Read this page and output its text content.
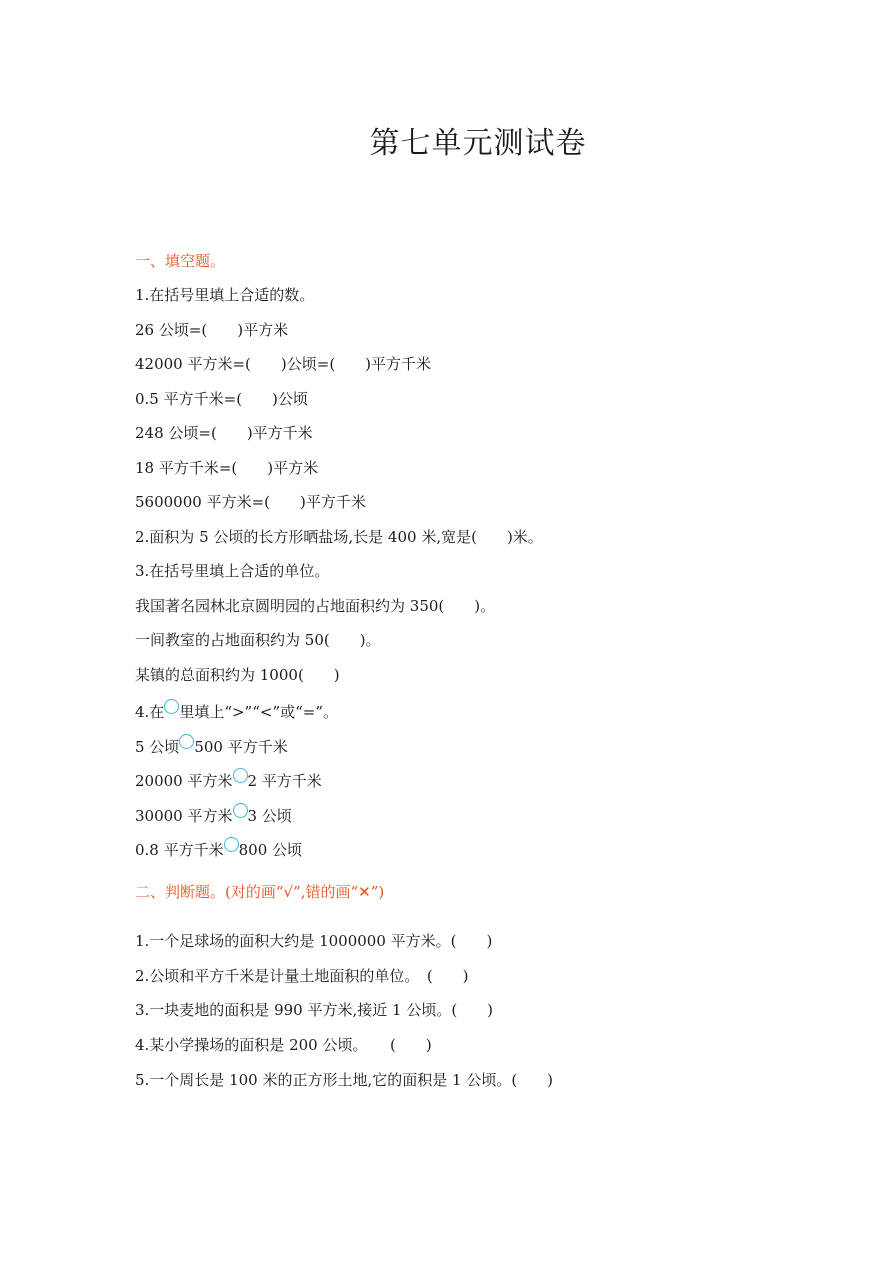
第七单元测试卷
一、填空题。
1.在括号里填上合适的数。
26 公顷=(　　)平方米
42000 平方米=(　　)公顷=(　　)平方千米
0.5 平方千米=(　　)公顷
248 公顷=(　　)平方千米
18 平方千米=(　　)平方米
5600000 平方米=(　　)平方千米
2.面积为 5 公顷的长方形晒盐场,长是 400 米,宽是(　　)米。
3.在括号里填上合适的单位。
我国著名园林北京圆明园的占地面积约为 350(　　)。
一间教室的占地面积约为 50(　　)。
某镇的总面积约为 1000(　　)
4.在 里填上“>”“<”或“=”。
5 公顷 500 平方千米
20000 平方米 2 平方千米
30000 平方米 3 公顷
0.8 平方千米 800 公顷
二、判断题。(对的画“√”,错的画“✕”)
1.一个足球场的面积大约是 1000000 平方米。(　　)
2.公顷和平方千米是计量土地面积的单位。　(　　)
3.一块麦地的面积是 990 平方米,接近 1 公顷。(　　)
4.某小学操场的面积是 200 公顷。　　(　　)
5.一个周长是 100 米的正方形土地,它的面积是 1 公顷。(　　)
